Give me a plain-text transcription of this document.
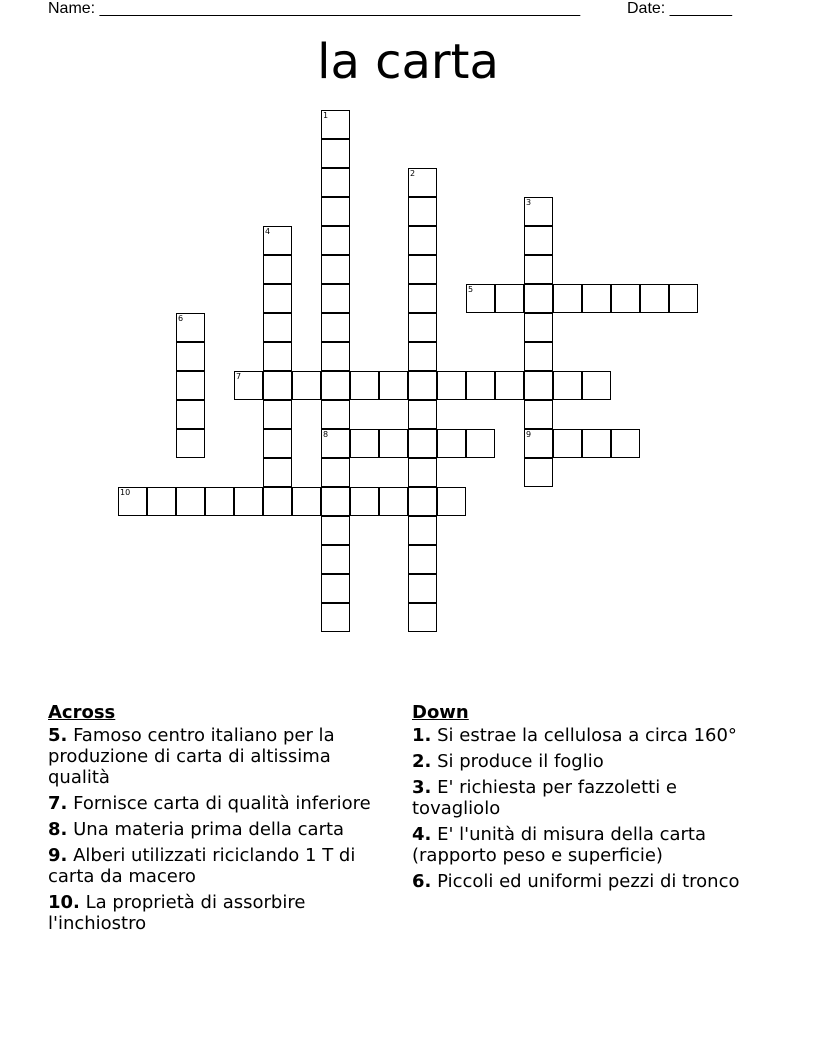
Name: ______________________________________________________	Date: _______
la carta
1
8
2
3
9
4
5
6
7
10
Across
5. Famoso centro italiano per la produzione di carta di altissima qualità
7. Fornisce carta di qualità inferiore
8. Una materia prima della carta
9. Alberi utilizzati riciclando 1 T di carta da macero
10. La proprietà di assorbire l'inchiostro
Down
1. Si estrae la cellulosa a circa 160°
2. Si produce il foglio
3. E' richiesta per fazzoletti e tovagliolo
4. E' l'unità di misura della carta (rapporto peso e superficie)
6. Piccoli ed uniformi pezzi di tronco
